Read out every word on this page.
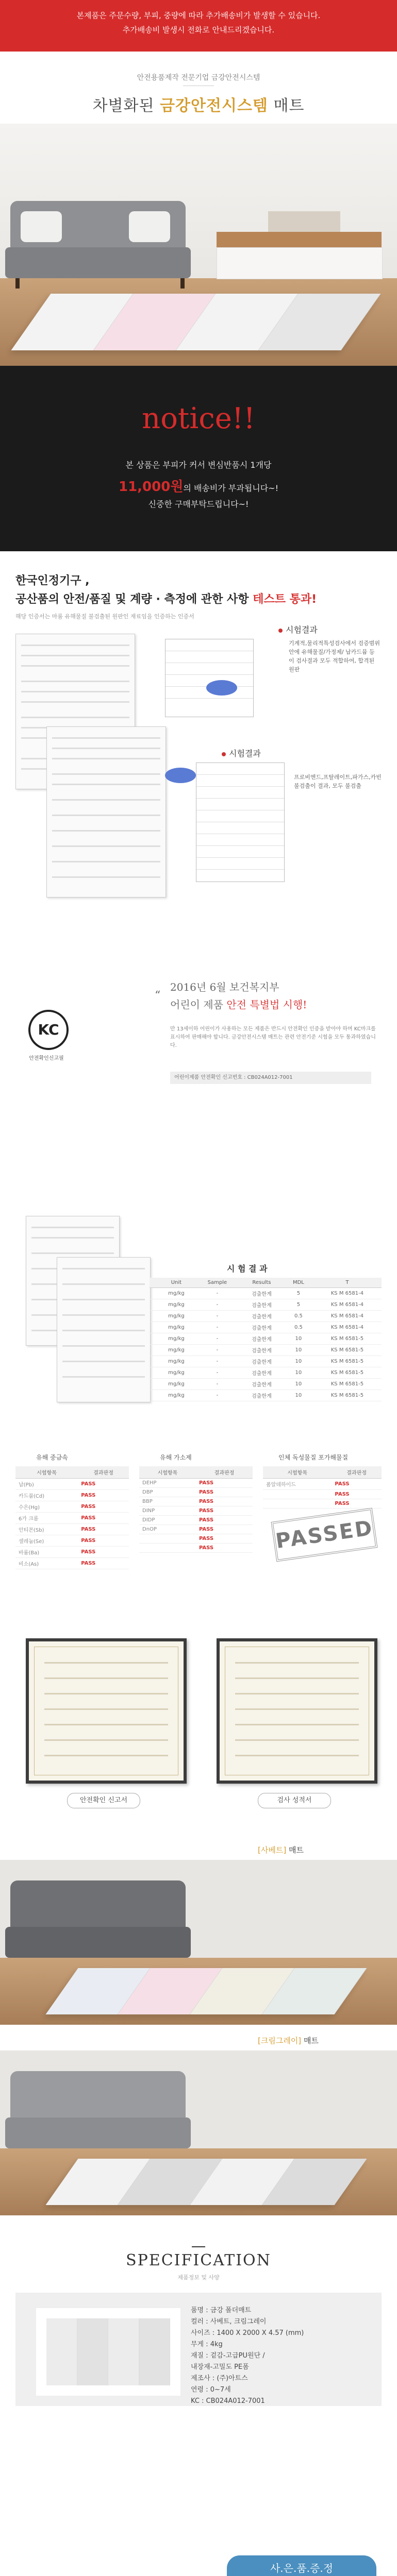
본제품은 주문수량, 부피, 중량에 따라 추가배송비가 발생할 수 있습니다.

추가배송비 발생시 전화로 안내드리겠습니다.

안전용품제작 전문기업 금강안전시스템
차별화된 금강안전시스템 매트
notice!!
본 상품은 부피가 커서 변심반품시 1개당
11,000원의 배송비가 부과됩니다~!
신중한 구매부탁드립니다~!
한국인정기구 ,
공산품의 안전/품질 및 계량 · 측정에 관한 사항 테스트 통과!
해당 인증서는 마룸 유해물질 불검출된 원판인 재료임을 인증하는 인증서
시험결과
기계적,물리적특성검사에서 검증범위안에 유해물질/가정제/ 납카드뮴 등 이 검사결과 모두 적합하여, 합격된 원판
시험결과
프로비엔드,프탈레이트,파가스,카빈 불검출이 결과, 모두 불검출
KC
안전확인신고필
“
2016년 6월 보건복지부
어린이 제품 안전 특별법 시행!
만 13세이하 어린이가 사용하는 모든 제품은 반드시 안전확인 인증을 받아야 하며 KC마크를 표시하여 판매해야 합니다. 금강안전시스템 매트는 관련 안전기준 시험을 모두 통과하였습니다.
어린이제품 안전확인 신고번호 : CB024A012-7001
시 험 결 과
	Unit	Sample	Results	MDL	T
	mg/kg	-	검출한계	5	KS M 6581-4
	mg/kg	-	검출한계	5	KS M 6581-4
	mg/kg	-	검출한계	0.5	KS M 6581-4
	mg/kg	-	검출한계	0.5	KS M 6581-4
	mg/kg	-	검출한계	10	KS M 6581-5
	mg/kg	-	검출한계	10	KS M 6581-5
	mg/kg	-	검출한계	10	KS M 6581-5
	mg/kg	-	검출한계	10	KS M 6581-5
	mg/kg	-	검출한계	10	KS M 6581-5
	mg/kg	-	검출한계	10	KS M 6581-5
유해 중금속
시험항목	결과판정
납(Pb)	PASS
카드뮴(Cd)	PASS
수은(Hg)	PASS
6가 크롬	PASS
안티몬(Sb)	PASS
셀레늄(Se)	PASS
바륨(Ba)	PASS
비소(As)	PASS
유해 가소제
시험항목	결과판정
DEHP	PASS
DBP	PASS
BBP	PASS
DINP	PASS
DIDP	PASS
DnOP	PASS
	PASS
	PASS
인체 독성물질 포가해물질
시험항목	결과판정
폼알데하이드	PASS
	PASS
	PASS
PASSED
안전확인 신고서	검사 성적서
[사베트] 매트
[크림그레이] 매트
SPECIFICATION
제품정보 및 사양
품명 : 금강 폴더매트
컬러 : 사베트, 크림그레이
사이즈 : 1400 X 2000 X 4.57 (mm)
무게 : 4kg
재질 : 겉감-고급PU원단 /
내장재-고밀도 PE폼
제조사 : (주)아트스
연령 : 0~7세
KC : CB024A012-7001
사.은.품.증.정
